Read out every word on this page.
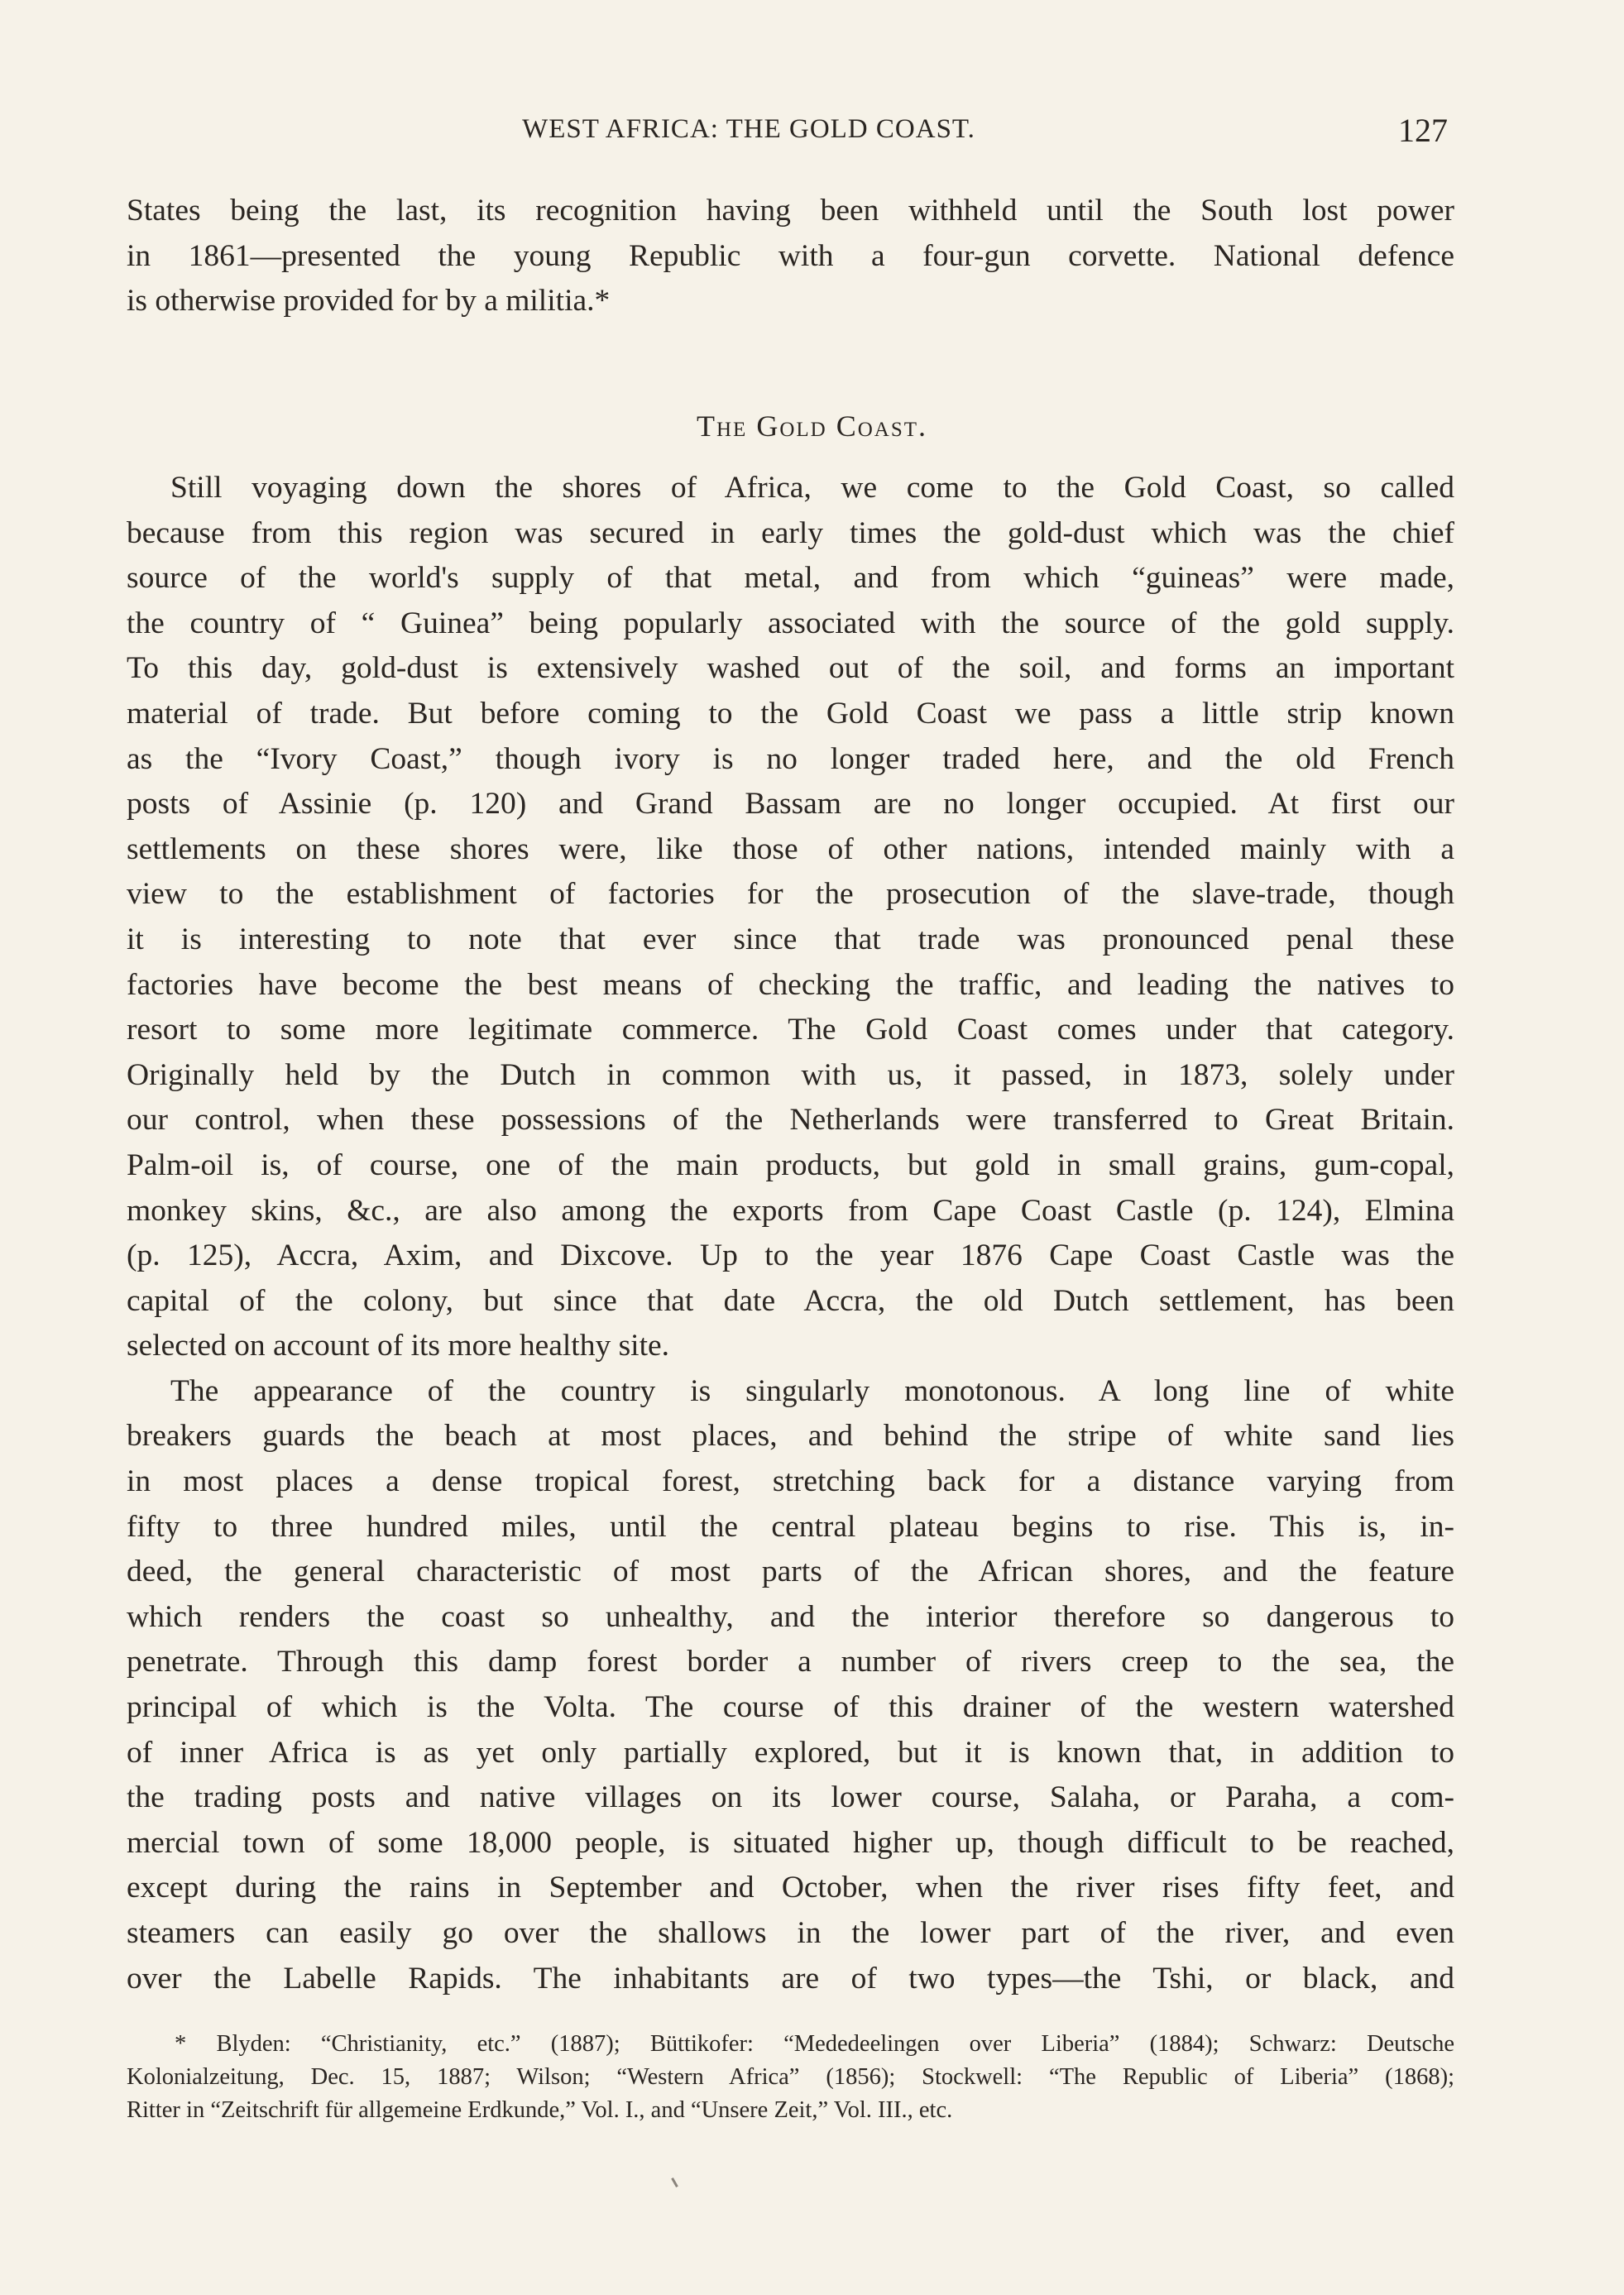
WEST AFRICA: THE GOLD COAST.	127
States being the last, its recognition having been withheld until the South lost power
in 1861—presented the young Republic with a four-gun corvette. National defence
is otherwise provided for by a militia.*
The Gold Coast.
Still voyaging down the shores of Africa, we come to the Gold Coast, so called
because from this region was secured in early times the gold-dust which was the chief
source of the world's supply of that metal, and from which “guineas” were made,
the country of “ Guinea” being popularly associated with the source of the gold supply.
To this day, gold-dust is extensively washed out of the soil, and forms an important
material of trade. But before coming to the Gold Coast we pass a little strip known
as the “Ivory Coast,” though ivory is no longer traded here, and the old French
posts of Assinie (p. 120) and Grand Bassam are no longer occupied. At first our
settlements on these shores were, like those of other nations, intended mainly with a
view to the establishment of factories for the prosecution of the slave-trade, though
it is interesting to note that ever since that trade was pronounced penal these
factories have become the best means of checking the traffic, and leading the natives to
resort to some more legitimate commerce. The Gold Coast comes under that category.
Originally held by the Dutch in common with us, it passed, in 1873, solely under
our control, when these possessions of the Netherlands were transferred to Great Britain.
Palm-oil is, of course, one of the main products, but gold in small grains, gum-copal,
monkey skins, &c., are also among the exports from Cape Coast Castle (p. 124), Elmina
(p. 125), Accra, Axim, and Dixcove. Up to the year 1876 Cape Coast Castle was the
capital of the colony, but since that date Accra, the old Dutch settlement, has been
selected on account of its more healthy site.
The appearance of the country is singularly monotonous. A long line of white
breakers guards the beach at most places, and behind the stripe of white sand lies
in most places a dense tropical forest, stretching back for a distance varying from
fifty to three hundred miles, until the central plateau begins to rise. This is, in-
deed, the general characteristic of most parts of the African shores, and the feature
which renders the coast so unhealthy, and the interior therefore so dangerous to
penetrate. Through this damp forest border a number of rivers creep to the sea, the
principal of which is the Volta. The course of this drainer of the western watershed
of inner Africa is as yet only partially explored, but it is known that, in addition to
the trading posts and native villages on its lower course, Salaha, or Paraha, a com-
mercial town of some 18,000 people, is situated higher up, though difficult to be reached,
except during the rains in September and October, when the river rises fifty feet, and
steamers can easily go over the shallows in the lower part of the river, and even
over the Labelle Rapids. The inhabitants are of two types—the Tshi, or black, and
* Blyden: “Christianity, etc.” (1887); Büttikofer: “Mededeelingen over Liberia” (1884); Schwarz: Deutsche
Kolonialzeitung, Dec. 15, 1887; Wilson; “Western Africa” (1856); Stockwell: “The Republic of Liberia” (1868);
Ritter in “Zeitschrift für allgemeine Erdkunde,” Vol. I., and “Unsere Zeit,” Vol. III., etc.
